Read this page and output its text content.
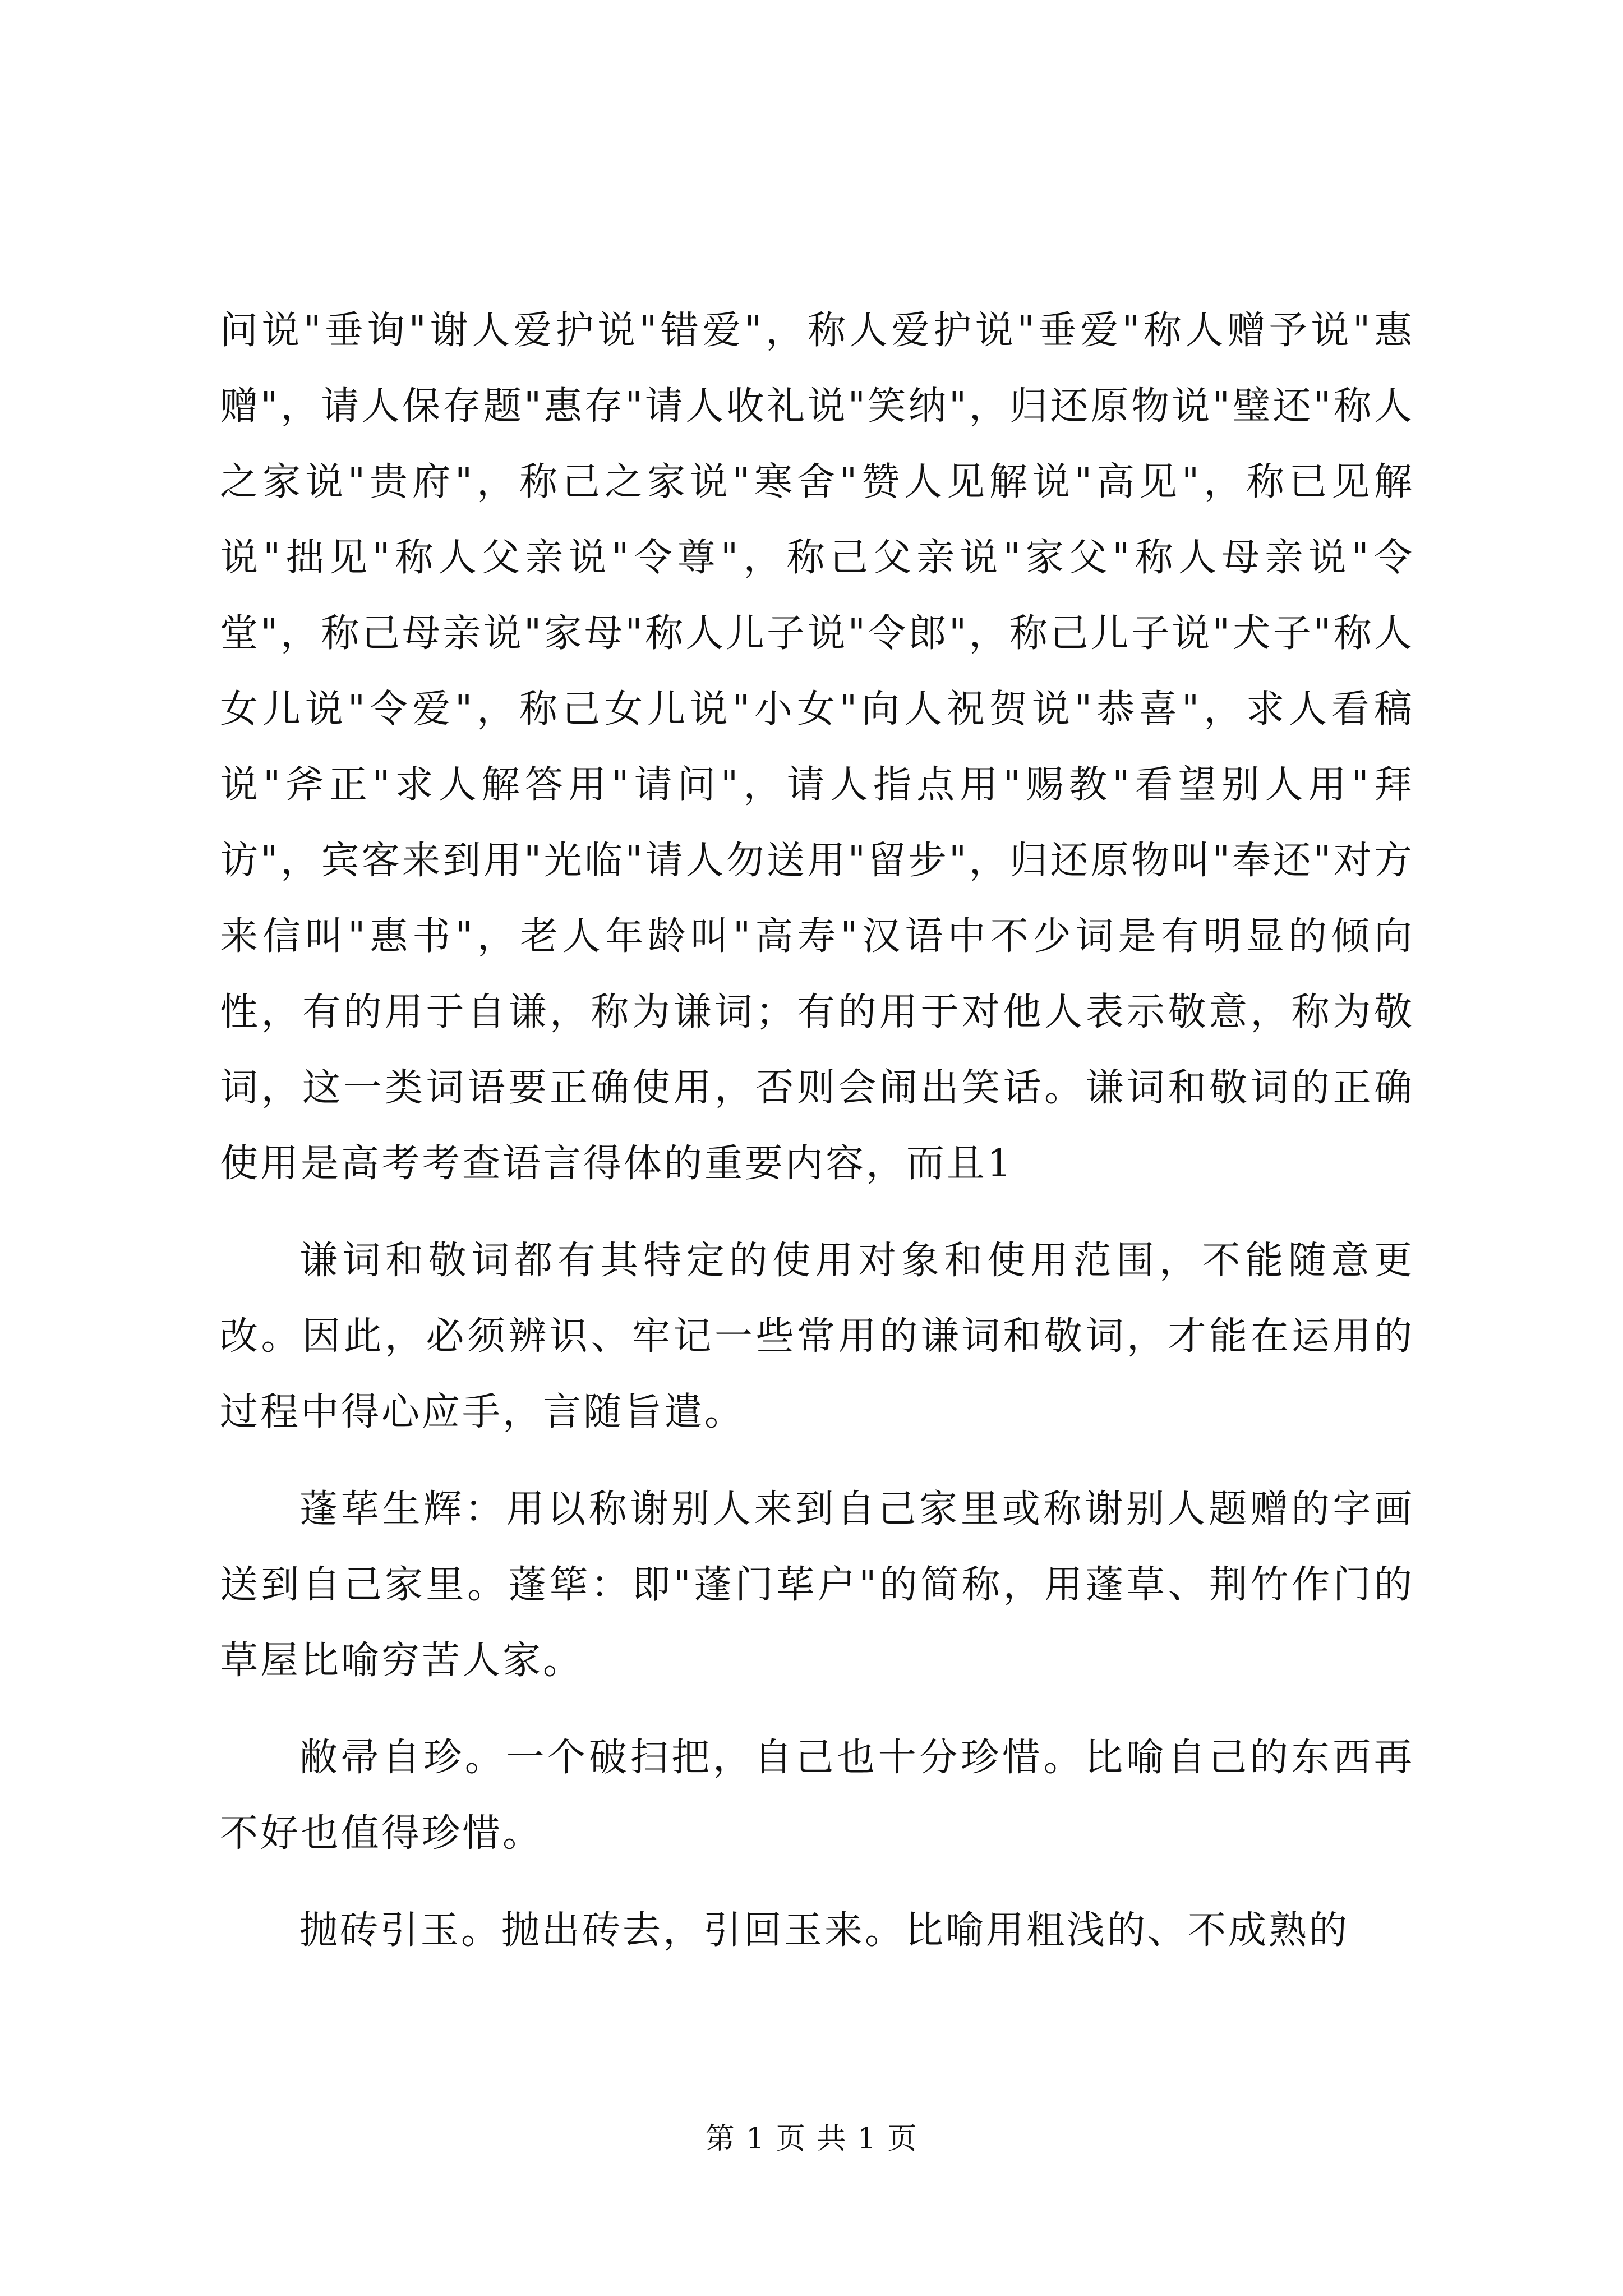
问说"垂询"谢人爱护说"错爱"，称人爱护说"垂爱"称人赠予说"惠赠"，请人保存题"惠存"请人收礼说"笑纳"，归还原物说"璧还"称人之家说"贵府"，称己之家说"寒舍"赞人见解说"高见"，称已见解说"拙见"称人父亲说"令尊"，称己父亲说"家父"称人母亲说"令堂"，称己母亲说"家母"称人儿子说"令郎"，称己儿子说"犬子"称人女儿说"令爱"，称己女儿说"小女"向人祝贺说"恭喜"，求人看稿说"斧正"求人解答用"请问"，请人指点用"赐教"看望别人用"拜访"，宾客来到用"光临"请人勿送用"留步"，归还原物叫"奉还"对方来信叫"惠书"，老人年龄叫"高寿"汉语中不少词是有明显的倾向性，有的用于自谦，称为谦词；有的用于对他人表示敬意，称为敬词，这一类词语要正确使用，否则会闹出笑话。谦词和敬词的正确使用是高考考查语言得体的重要内容，而且1

谦词和敬词都有其特定的使用对象和使用范围，不能随意更改。因此，必须辨识、牢记一些常用的谦词和敬词，才能在运用的过程中得心应手，言随旨遣。

蓬荜生辉：用以称谢别人来到自己家里或称谢别人题赠的字画送到自己家里。蓬筚：即"蓬门荜户"的简称，用蓬草、荆竹作门的草屋比喻穷苦人家。

敝帚自珍。一个破扫把，自己也十分珍惜。比喻自己的东西再不好也值得珍惜。

抛砖引玉。抛出砖去，引回玉来。比喻用粗浅的、不成熟的

第 1 页 共 1 页
